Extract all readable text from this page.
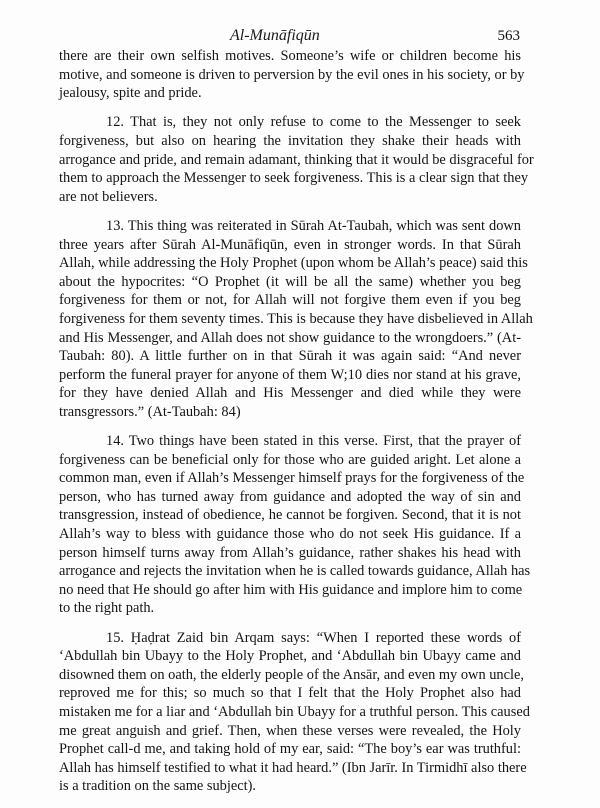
Al-Munāfiqūn	563

there are their own selfish motives. Someone’s wife or children become his
motive, and someone is driven to perversion by the evil ones in his society, or by
jealousy, spite and pride.

12. That is, they not only refuse to come to the Messenger to seek
forgiveness, but also on hearing the invitation they shake their heads with
arrogance and pride, and remain adamant, thinking that it would be disgraceful for
them to approach the Messenger to seek forgiveness. This is a clear sign that they
are not believers.

13. This thing was reiterated in Sūrah At-Taubah, which was sent down
three years after Sūrah Al-Munāfiqūn, even in stronger words. In that Sūrah
Allah, while addressing the Holy Prophet (upon whom be Allah’s peace) said this
about the hypocrites: “O Prophet (it will be all the same) whether you beg
forgiveness for them or not, for Allah will not forgive them even if you beg
forgiveness for them seventy times. This is because they have disbelieved in Allah
and His Messenger, and Allah does not show guidance to the wrongdoers.” (At-
Taubah: 80). A little further on in that Sūrah it was again said: “And never
perform the funeral prayer for anyone of them W;10 dies nor stand at his grave,
for they have denied Allah and His Messenger and died while they were
transgressors.” (At-Taubah: 84)

14. Two things have been stated in this verse. First, that the prayer of
forgiveness can be beneficial only for those who are guided aright. Let alone a
common man, even if Allah’s Messenger himself prays for the forgiveness of the
person, who has turned away from guidance and adopted the way of sin and
transgression, instead of obedience, he cannot be forgiven. Second, that it is not
Allah’s way to bless with guidance those who do not seek His guidance. If a
person himself turns away from Allah’s guidance, rather shakes his head with
arrogance and rejects the invitation when he is called towards guidance, Allah has
no need that He should go after him with His guidance and implore him to come
to the right path.

15. Ḥaḍrat Zaid bin Arqam says: “When I reported these words of
‘Abdullah bin Ubayy to the Holy Prophet, and ‘Abdullah bin Ubayy came and
disowned them on oath, the elderly people of the Ansār, and even my own uncle,
reproved me for this; so much so that I felt that the Holy Prophet also had
mistaken me for a liar and ‘Abdullah bin Ubayy for a truthful person. This caused
me great anguish and grief. Then, when these verses were revealed, the Holy
Prophet call-d me, and taking hold of my ear, said: “The boy’s ear was truthful:
Allah has himself testified to what it had heard.” (Ibn Jarīr. In Tirmidhī also there
is a tradition on the same subject).
